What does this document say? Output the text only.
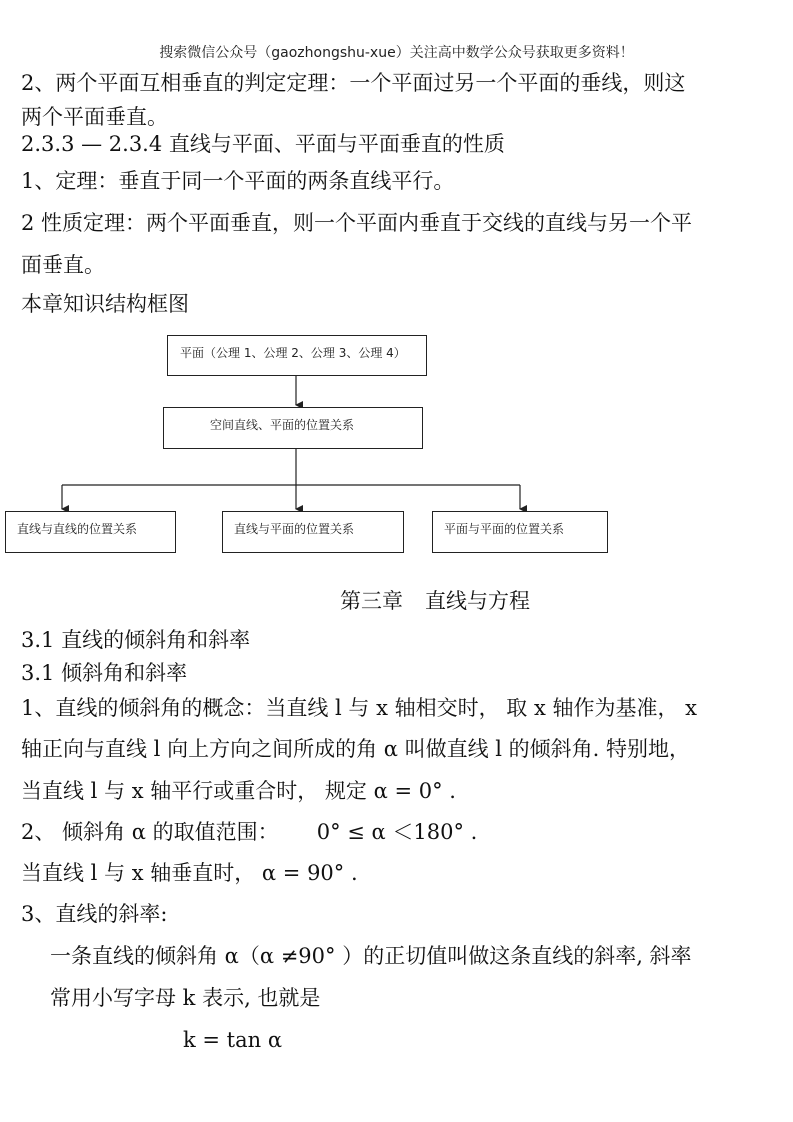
搜索微信公众号（gaozhongshu-xue）关注高中数学公众号获取更多资料！
2、两个平面互相垂直的判定定理：一个平面过另一个平面的垂线，则这
两个平面垂直。
2.3.3 — 2.3.4 直线与平面、平面与平面垂直的性质
1、定理：垂直于同一个平面的两条直线平行。
2 性质定理：两个平面垂直，则一个平面内垂直于交线的直线与另一个平
面垂直。
本章知识结构框图
平面（公理 1、公理 2、公理 3、公理 4）
空间直线、平面的位置关系
直线与直线的位置关系	直线与平面的位置关系	平面与平面的位置关系
第三章 直线与方程
3.1 直线的倾斜角和斜率
3.1 倾斜角和斜率
1、直线的倾斜角的概念：当直线 l 与 x 轴相交时， 取 x 轴作为基准， x
轴正向与直线 l 向上方向之间所成的角 α 叫做直线 l 的倾斜角. 特别地，
当直线 l 与 x 轴平行或重合时， 规定 α = 0° .
2、 倾斜角 α 的取值范围：　　 0° ≤ α ＜180° .
当直线 l 与 x 轴垂直时， α = 90° .
3、直线的斜率:
一条直线的倾斜角 α（α ≠90° ）的正切值叫做这条直线的斜率, 斜率
常用小写字母 k 表示, 也就是
k = tan α
